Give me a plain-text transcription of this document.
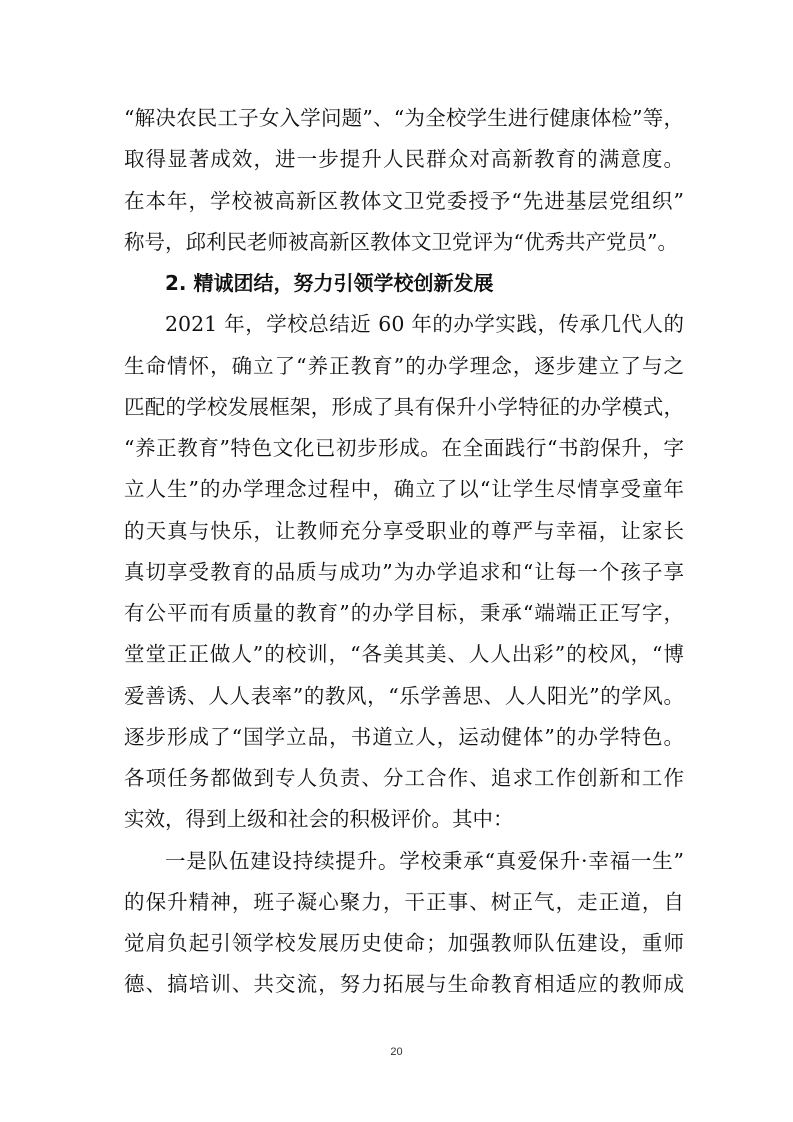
“解决农民工子女入学问题”、“为全校学生进行健康体检”等，
取得显著成效，进一步提升人民群众对高新教育的满意度。
在本年，学校被高新区教体文卫党委授予“先进基层党组织”
称号，邱利民老师被高新区教体文卫党评为“优秀共产党员”。
2. 精诚团结，努力引领学校创新发展
2021 年，学校总结近 60 年的办学实践，传承几代人的
生命情怀，确立了“养正教育”的办学理念，逐步建立了与之
匹配的学校发展框架，形成了具有保升小学特征的办学模式，
“养正教育”特色文化已初步形成。在全面践行“书韵保升，字
立人生”的办学理念过程中，确立了以“让学生尽情享受童年
的天真与快乐，让教师充分享受职业的尊严与幸福，让家长
真切享受教育的品质与成功”为办学追求和“让每一个孩子享
有公平而有质量的教育”的办学目标，秉承“端端正正写字，
堂堂正正做人”的校训，“各美其美、人人出彩”的校风，“博
爱善诱、人人表率”的教风，“乐学善思、人人阳光”的学风。
逐步形成了“国学立品，书道立人，运动健体”的办学特色。
各项任务都做到专人负责、分工合作、追求工作创新和工作
实效，得到上级和社会的积极评价。其中：
一是队伍建设持续提升。学校秉承“真爱保升·幸福一生”
的保升精神，班子凝心聚力，干正事、树正气，走正道，自
觉肩负起引领学校发展历史使命；加强教师队伍建设，重师
德、搞培训、共交流，努力拓展与生命教育相适应的教师成
20
